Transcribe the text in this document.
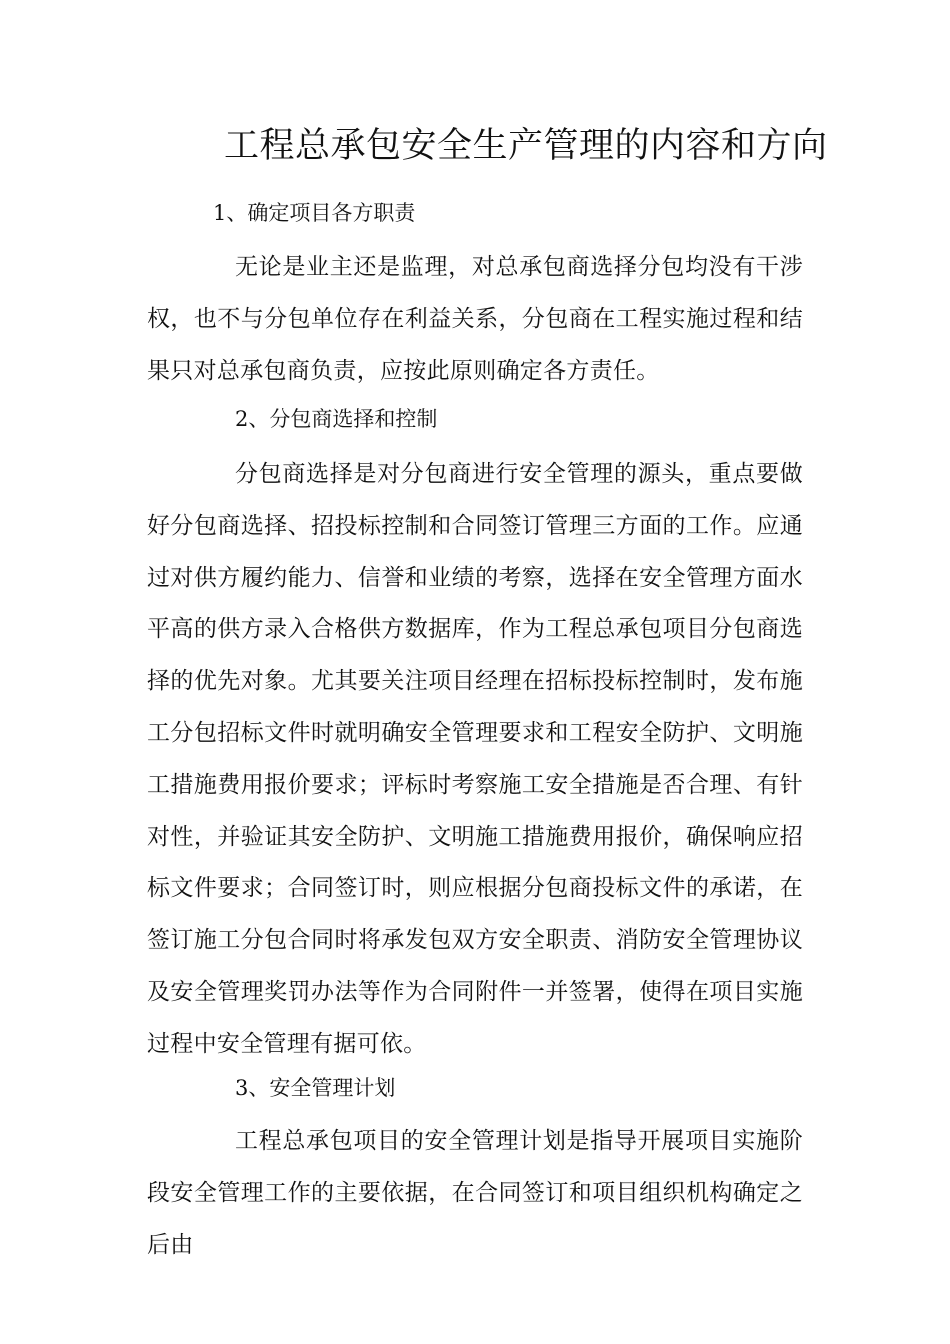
工程总承包安全生产管理的内容和方向
1、确定项目各方职责

无论是业主还是监理，对总承包商选择分包均没有干涉权，也不与分包单位存在利益关系，分包商在工程实施过程和结果只对总承包商负责，应按此原则确定各方责任。

2、分包商选择和控制

分包商选择是对分包商进行安全管理的源头，重点要做好分包商选择、招投标控制和合同签订管理三方面的工作。应通过对供方履约能力、信誉和业绩的考察，选择在安全管理方面水平高的供方录入合格供方数据库，作为工程总承包项目分包商选择的优先对象。尤其要关注项目经理在招标投标控制时，发布施工分包招标文件时就明确安全管理要求和工程安全防护、文明施工措施费用报价要求；评标时考察施工安全措施是否合理、有针对性，并验证其安全防护、文明施工措施费用报价，确保响应招标文件要求；合同签订时，则应根据分包商投标文件的承诺，在签订施工分包合同时将承发包双方安全职责、消防安全管理协议及安全管理奖罚办法等作为合同附件一并签署，使得在项目实施过程中安全管理有据可依。

3、安全管理计划

工程总承包项目的安全管理计划是指导开展项目实施阶段安全管理工作的主要依据，在合同签订和项目组织机构确定之后由
